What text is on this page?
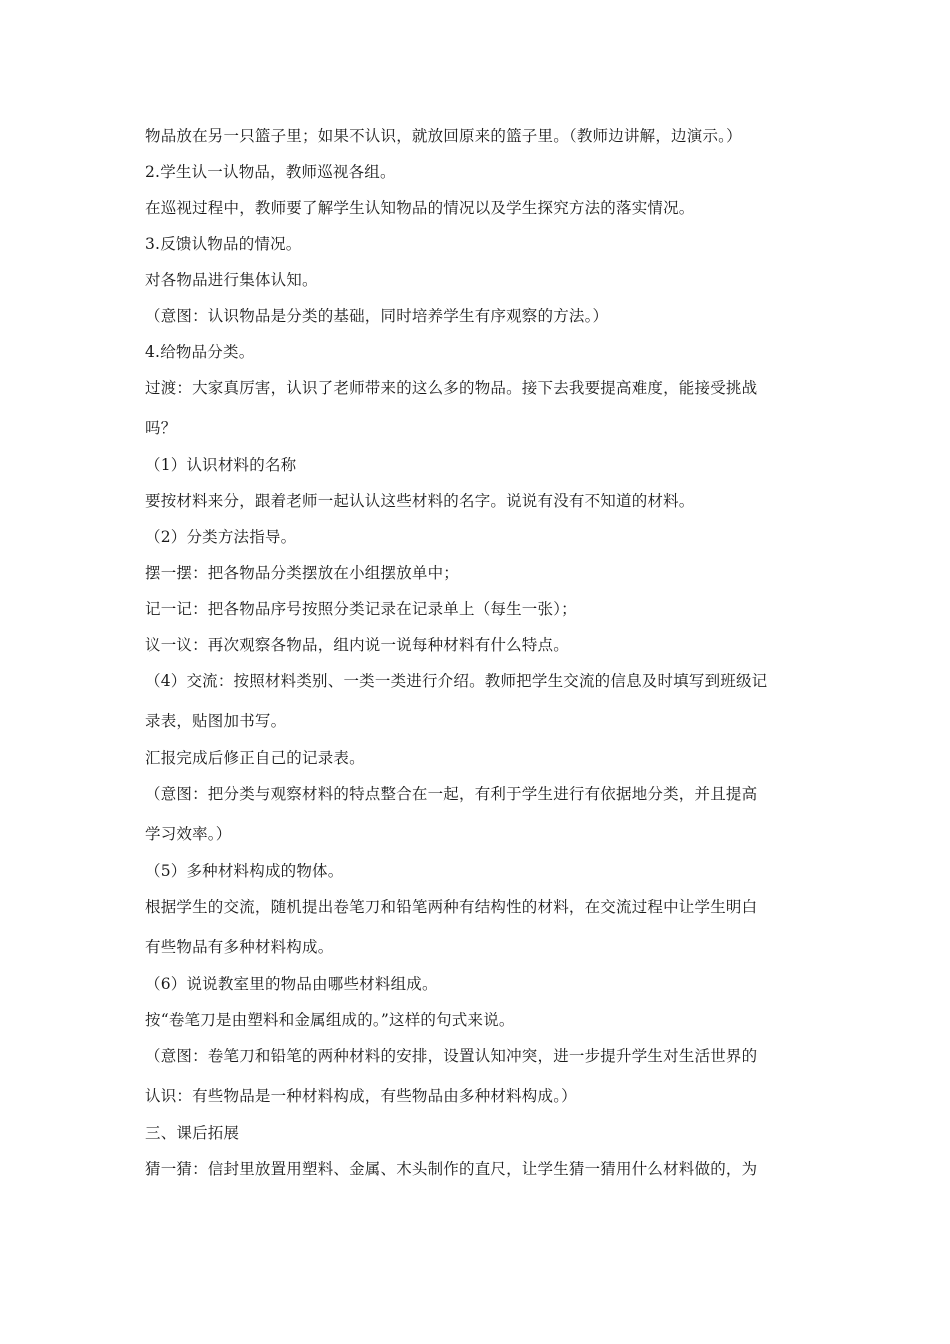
物品放在另一只篮子里；如果不认识，就放回原来的篮子里。（教师边讲解，边演示。）
2.学生认一认物品，教师巡视各组。
在巡视过程中，教师要了解学生认知物品的情况以及学生探究方法的落实情况。
3.反馈认物品的情况。
对各物品进行集体认知。
（意图：认识物品是分类的基础，同时培养学生有序观察的方法。）
4.给物品分类。
过渡：大家真厉害，认识了老师带来的这么多的物品。接下去我要提高难度，能接受挑战
吗？
（1）认识材料的名称
要按材料来分，跟着老师一起认认这些材料的名字。说说有没有不知道的材料。
（2）分类方法指导。
摆一摆：把各物品分类摆放在小组摆放单中；
记一记：把各物品序号按照分类记录在记录单上（每生一张）；
议一议：再次观察各物品，组内说一说每种材料有什么特点。
（4）交流：按照材料类别、一类一类进行介绍。教师把学生交流的信息及时填写到班级记
录表，贴图加书写。
汇报完成后修正自己的记录表。
（意图：把分类与观察材料的特点整合在一起，有利于学生进行有依据地分类，并且提高
学习效率。）
（5）多种材料构成的物体。
根据学生的交流，随机提出卷笔刀和铅笔两种有结构性的材料，在交流过程中让学生明白
有些物品有多种材料构成。
（6）说说教室里的物品由哪些材料组成。
按“卷笔刀是由塑料和金属组成的。”这样的句式来说。
（意图：卷笔刀和铅笔的两种材料的安排，设置认知冲突，进一步提升学生对生活世界的
认识：有些物品是一种材料构成，有些物品由多种材料构成。）
三、课后拓展
猜一猜：信封里放置用塑料、金属、木头制作的直尺，让学生猜一猜用什么材料做的，为
